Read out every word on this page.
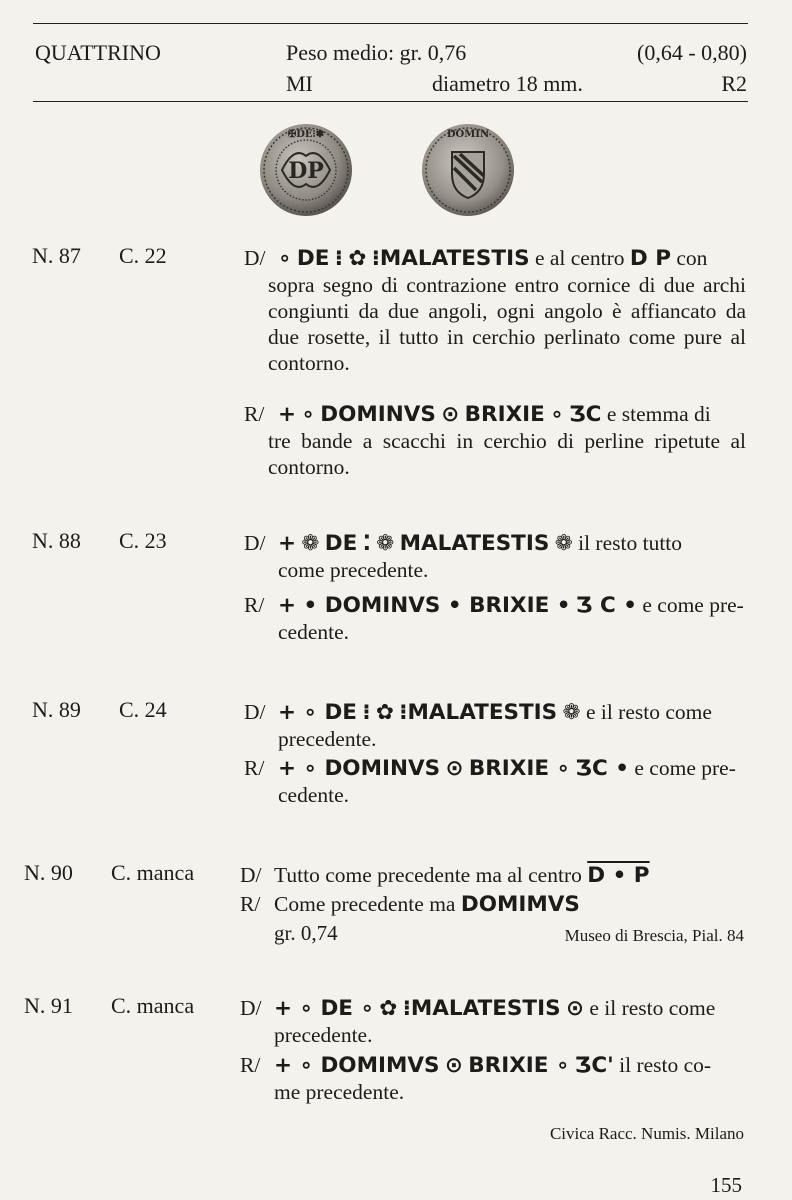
QUATTRINO	Peso medio: gr. 0,76	(0,64 - 0,80)
MI	diametro 18 mm.	R2
DP
✠DE⁝✽	DOMIN
N. 87 C. 22	D/ ∘ DE ⁝ ✿ ⁝MALATESTIS e al centro D P con
sopra segno di contrazione entro cornice di due archi congiunti da due angoli, ogni angolo è affiancato da due rosette, il tutto in cerchio perlinato come pure al contorno.
R/ + ∘ DOMINVS ⊙ BRIXIE ∘ ƷC e stemma di
tre bande a scacchi in cerchio di perline ripetute al contorno.
N. 88 C. 23	D/ + ❁ DE ⁚ ❁ MALATESTIS ❁ il resto tutto
come precedente.
R/ + • DOMINVS • BRIXIE • Ʒ C • e come pre-
cedente.
N. 89 C. 24	D/ + ∘ DE ⁝ ✿ ⁝MALATESTIS ❁ e il resto come
precedente.
R/ + ∘ DOMINVS ⊙ BRIXIE ∘ ƷC • e come pre-
cedente.
N. 90 C. manca D/ Tutto come precedente ma al centro D • P
R/ Come precedente ma DOMIMVS
gr. 0,74	Museo di Brescia, Pial. 84
N. 91 C. manca D/ + ∘ DE ∘ ✿ ⁝MALATESTIS ⊙ e il resto come
precedente.
R/ + ∘ DOMIMVS ⊙ BRIXIE ∘ ƷC' il resto co-
me precedente.
Civica Racc. Numis. Milano
155
